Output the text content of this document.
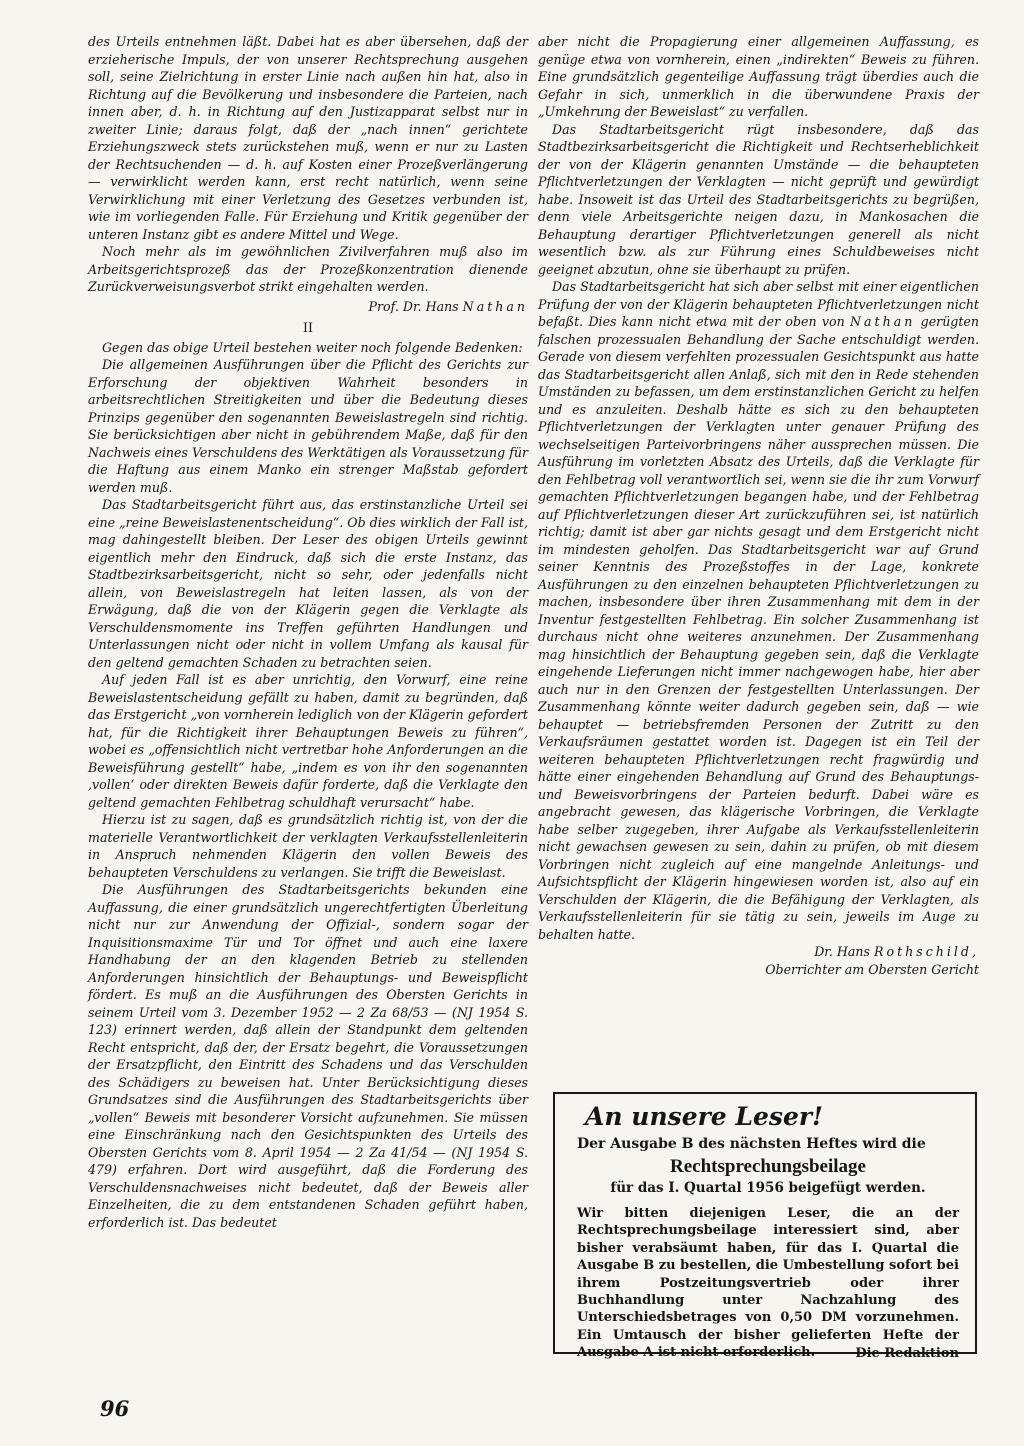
des Urteils entnehmen läßt. Dabei hat es aber übersehen, daß der erzieherische Impuls, der von unserer Rechtsprechung ausgehen soll, seine Zielrichtung in erster Linie nach außen hin hat, also in Richtung auf die Bevölkerung und insbesondere die Parteien, nach innen aber, d. h. in Richtung auf den Justizapparat selbst nur in zweiter Linie; daraus folgt, daß der „nach innen“ gerichtete Erziehungszweck stets zurückstehen muß, wenn er nur zu Lasten der Rechtsuchenden — d. h. auf Kosten einer Prozeßverlängerung — verwirklicht werden kann, erst recht natürlich, wenn seine Verwirklichung mit einer Verletzung des Gesetzes verbunden ist, wie im vorliegenden Falle. Für Erziehung und Kritik gegenüber der unteren Instanz gibt es andere Mittel und Wege.

Noch mehr als im gewöhnlichen Zivilverfahren muß also im Arbeitsgerichtsprozeß das der Prozeßkonzentration dienende Zurückverweisungsverbot strikt eingehalten werden.

Prof. Dr. Hans Nathan

II

Gegen das obige Urteil bestehen weiter noch folgende Bedenken:

Die allgemeinen Ausführungen über die Pflicht des Gerichts zur Erforschung der objektiven Wahrheit besonders in arbeitsrechtlichen Streitigkeiten und über die Bedeutung dieses Prinzips gegenüber den sogenannten Beweislastregeln sind richtig. Sie berücksichtigen aber nicht in gebührendem Maße, daß für den Nachweis eines Verschuldens des Werktätigen als Voraussetzung für die Haftung aus einem Manko ein strenger Maßstab gefordert werden muß.

Das Stadtarbeitsgericht führt aus, das erstinstanzliche Urteil sei eine „reine Beweislastenentscheidung“. Ob dies wirklich der Fall ist, mag dahingestellt bleiben. Der Leser des obigen Urteils gewinnt eigentlich mehr den Eindruck, daß sich die erste Instanz, das Stadtbezirksarbeitsgericht, nicht so sehr, oder jedenfalls nicht allein, von Beweislastregeln hat leiten lassen, als von der Erwägung, daß die von der Klägerin gegen die Verklagte als Verschuldensmomente ins Treffen geführten Handlungen und Unterlassungen nicht oder nicht in vollem Umfang als kausal für den geltend gemachten Schaden zu betrachten seien.

Auf jeden Fall ist es aber unrichtig, den Vorwurf, eine reine Beweislastentscheidung gefällt zu haben, damit zu begründen, daß das Erstgericht „von vornherein lediglich von der Klägerin gefordert hat, für die Richtigkeit ihrer Behauptungen Beweis zu führen“, wobei es „offensichtlich nicht vertretbar hohe Anforderungen an die Beweisführung gestellt“ habe, „indem es von ihr den sogenannten ‚vollen‘ oder direkten Beweis dafür forderte, daß die Verklagte den geltend gemachten Fehlbetrag schuldhaft verursacht“ habe.

Hierzu ist zu sagen, daß es grundsätzlich richtig ist, von der die materielle Verantwortlichkeit der verklagten Verkaufsstellenleiterin in Anspruch nehmenden Klägerin den vollen Beweis des behaupteten Verschuldens zu verlangen. Sie trifft die Beweislast.

Die Ausführungen des Stadtarbeitsgerichts bekunden eine Auffassung, die einer grundsätzlich ungerechtfertigten Überleitung nicht nur zur Anwendung der Offizial-, sondern sogar der Inquisitionsmaxime Tür und Tor öffnet und auch eine laxere Handhabung der an den klagenden Betrieb zu stellenden Anforderungen hinsichtlich der Behauptungs- und Beweispflicht fördert. Es muß an die Ausführungen des Obersten Gerichts in seinem Urteil vom 3. Dezember 1952 — 2 Za 68/53 — (NJ 1954 S. 123) erinnert werden, daß allein der Standpunkt dem geltenden Recht entspricht, daß der, der Ersatz begehrt, die Voraussetzungen der Ersatzpflicht, den Eintritt des Schadens und das Verschulden des Schädigers zu beweisen hat. Unter Berücksichtigung dieses Grundsatzes sind die Ausführungen des Stadtarbeitsgerichts über „vollen“ Beweis mit besonderer Vorsicht aufzunehmen. Sie müssen eine Einschränkung nach den Gesichtspunkten des Urteils des Obersten Gerichts vom 8. April 1954 — 2 Za 41/54 — (NJ 1954 S. 479) erfahren. Dort wird ausgeführt, daß die Forderung des Verschuldensnachweises nicht bedeutet, daß der Beweis aller Einzelheiten, die zu dem entstandenen Schaden geführt haben, erforderlich ist. Das bedeutet

aber nicht die Propagierung einer allgemeinen Auffassung, es genüge etwa von vornherein, einen „indirekten“ Beweis zu führen. Eine grundsätzlich gegenteilige Auffassung trägt überdies auch die Gefahr in sich, unmerklich in die überwundene Praxis der „Umkehrung der Beweislast“ zu verfallen.

Das Stadtarbeitsgericht rügt insbesondere, daß das Stadtbezirksarbeitsgericht die Richtigkeit und Rechtserheblichkeit der von der Klägerin genannten Umstände — die behaupteten Pflichtverletzungen der Verklagten — nicht geprüft und gewürdigt habe. Insoweit ist das Urteil des Stadtarbeitsgerichts zu begrüßen, denn viele Arbeitsgerichte neigen dazu, in Mankosachen die Behauptung derartiger Pflichtverletzungen generell als nicht wesentlich bzw. als zur Führung eines Schuldbeweises nicht geeignet abzutun, ohne sie überhaupt zu prüfen.

Das Stadtarbeitsgericht hat sich aber selbst mit einer eigentlichen Prüfung der von der Klägerin behaupteten Pflichtverletzungen nicht befaßt. Dies kann nicht etwa mit der oben von Nathan gerügten falschen prozessualen Behandlung der Sache entschuldigt werden. Gerade von diesem verfehlten prozessualen Gesichtspunkt aus hatte das Stadtarbeitsgericht allen Anlaß, sich mit den in Rede stehenden Umständen zu befassen, um dem erstinstanzlichen Gericht zu helfen und es anzuleiten. Deshalb hätte es sich zu den behaupteten Pflichtverletzungen der Verklagten unter genauer Prüfung des wechselseitigen Parteivorbringens näher aussprechen müssen. Die Ausführung im vorletzten Absatz des Urteils, daß die Verklagte für den Fehlbetrag voll verantwortlich sei, wenn sie die ihr zum Vorwurf gemachten Pflichtverletzungen begangen habe, und der Fehlbetrag auf Pflichtverletzungen dieser Art zurückzuführen sei, ist natürlich richtig; damit ist aber gar nichts gesagt und dem Erstgericht nicht im mindesten geholfen. Das Stadtarbeitsgericht war auf Grund seiner Kenntnis des Prozeßstoffes in der Lage, konkrete Ausführungen zu den einzelnen behaupteten Pflichtverletzungen zu machen, insbesondere über ihren Zusammenhang mit dem in der Inventur festgestellten Fehlbetrag. Ein solcher Zusammenhang ist durchaus nicht ohne weiteres anzunehmen. Der Zusammenhang mag hinsichtlich der Behauptung gegeben sein, daß die Verklagte eingehende Lieferungen nicht immer nachgewogen habe, hier aber auch nur in den Grenzen der festgestellten Unterlassungen. Der Zusammenhang könnte weiter dadurch gegeben sein, daß — wie behauptet — betriebsfremden Personen der Zutritt zu den Verkaufsräumen gestattet worden ist. Dagegen ist ein Teil der weiteren behaupteten Pflichtverletzungen recht fragwürdig und hätte einer eingehenden Behandlung auf Grund des Behauptungs- und Beweisvorbringens der Parteien bedurft. Dabei wäre es angebracht gewesen, das klägerische Vorbringen, die Verklagte habe selber zugegeben, ihrer Aufgabe als Verkaufsstellenleiterin nicht gewachsen gewesen zu sein, dahin zu prüfen, ob mit diesem Vorbringen nicht zugleich auf eine mangelnde Anleitungs- und Aufsichtspflicht der Klägerin hingewiesen worden ist, also auf ein Verschulden der Klägerin, die die Befähigung der Verklagten, als Verkaufsstellenleiterin für sie tätig zu sein, jeweils im Auge zu behalten hatte.

Dr. Hans Rothschild,
Oberrichter am Obersten Gericht
An unsere Leser!
Der Ausgabe B des nächsten Heftes wird die
Rechtsprechungsbeilage
für das I. Quartal 1956 beigefügt werden.
Wir bitten diejenigen Leser, die an der Rechtsprechungsbeilage interessiert sind, aber bisher verabsäumt haben, für das I. Quartal die Ausgabe B zu bestellen, die Umbestellung sofort bei ihrem Postzeitungsvertrieb oder ihrer Buchhandlung unter Nachzahlung des Unterschiedsbetrages von 0,50 DM vorzunehmen. Ein Umtausch der bisher gelieferten Hefte der Ausgabe A ist nicht erforderlich.	Die Redaktion
96
